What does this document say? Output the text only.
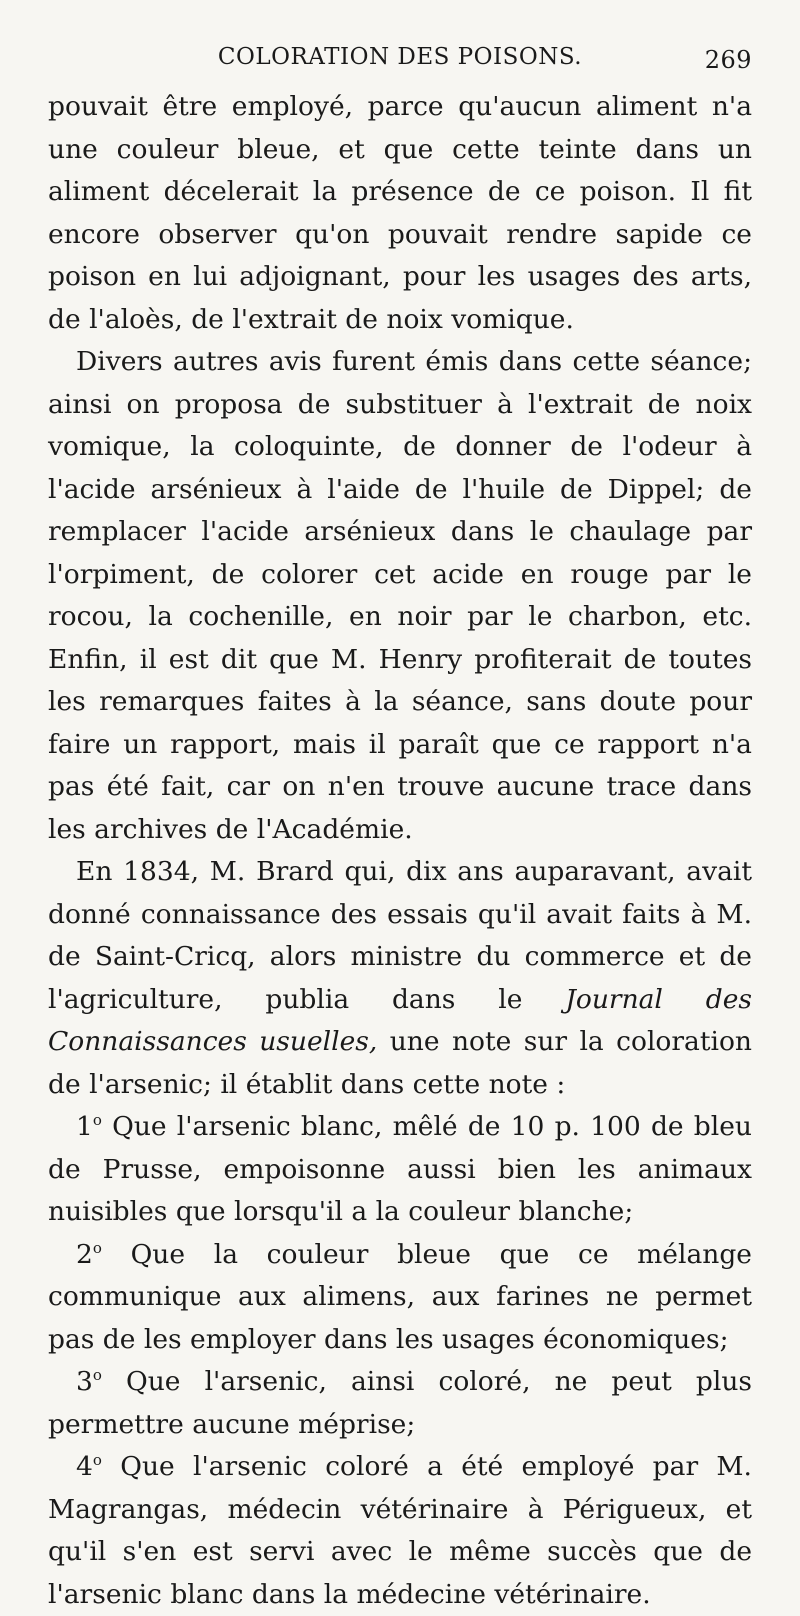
COLORATION DES POISONS.	269

pouvait être employé, parce qu'aucun aliment n'a une couleur bleue, et que cette teinte dans un aliment décelerait la présence de ce poison. Il fit encore observer qu'on pouvait rendre sapide ce poison en lui adjoignant, pour les usages des arts, de l'aloès, de l'extrait de noix vomique.

Divers autres avis furent émis dans cette séance; ainsi on proposa de substituer à l'extrait de noix vomique, la coloquinte, de donner de l'odeur à l'acide arsénieux à l'aide de l'huile de Dippel; de remplacer l'acide arsénieux dans le chaulage par l'orpiment, de colorer cet acide en rouge par le rocou, la cochenille, en noir par le charbon, etc. Enfin, il est dit que M. Henry profiterait de toutes les remarques faites à la séance, sans doute pour faire un rapport, mais il paraît que ce rapport n'a pas été fait, car on n'en trouve aucune trace dans les archives de l'Académie.

En 1834, M. Brard qui, dix ans auparavant, avait donné connaissance des essais qu'il avait faits à M. de Saint-Cricq, alors ministre du commerce et de l'agriculture, publia dans le Journal des Connaissances usuelles, une note sur la coloration de l'arsenic; il établit dans cette note :

1$^o$ Que l'arsenic blanc, mêlé de 10 p. 100 de bleu de Prusse, empoisonne aussi bien les animaux nuisibles que lorsqu'il a la couleur blanche;

2$^o$ Que la couleur bleue que ce mélange communique aux alimens, aux farines ne permet pas de les employer dans les usages économiques;

3$^o$ Que l'arsenic, ainsi coloré, ne peut plus permettre aucune méprise;

4$^o$ Que l'arsenic coloré a été employé par M. Magrangas, médecin vétérinaire à Périgueux, et qu'il s'en est servi avec le même succès que de l'arsenic blanc dans la médecine vétérinaire.
